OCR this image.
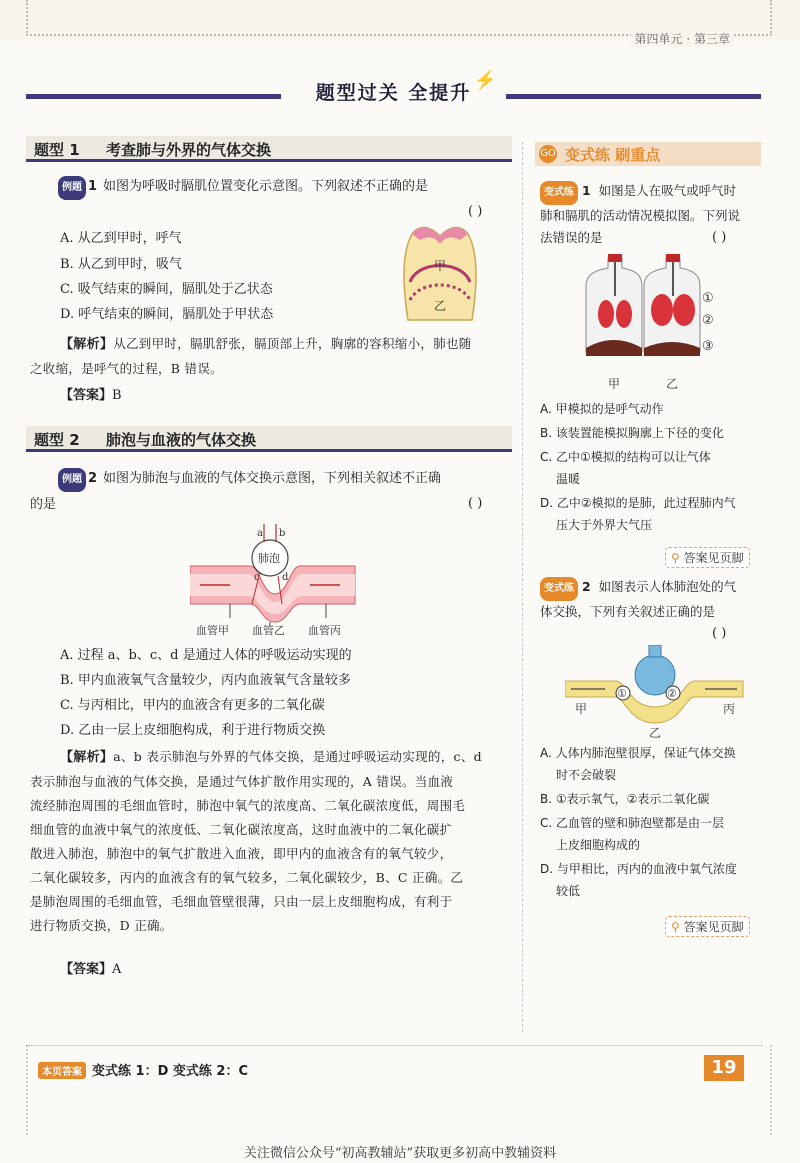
第四单元 · 第三章
题型过关 全提升
⚡
题型 1 考查肺与外界的气体交换
例题 1 如图为呼吸时膈肌位置变化示意图。下列叙述不正确的是
( )
A. 从乙到甲时，呼气
B. 从乙到甲时，吸气
C. 吸气结束的瞬间，膈肌处于乙状态
D. 呼气结束的瞬间，膈肌处于甲状态
甲
乙
【解析】从乙到甲时，膈肌舒张，膈顶部上升，胸廓的容积缩小，肺也随
之收缩，是呼气的过程，B 错误。
【答案】B
题型 2 肺泡与血液的气体交换
例题 2 如图为肺泡与血液的气体交换示意图，下列相关叙述不正确
的是	( )
肺泡
a b
c d
血管甲 血管乙 血管丙
A. 过程 a、b、c、d 是通过人体的呼吸运动实现的
B. 甲内血液氧气含量较少，丙内血液氧气含量较多
C. 与丙相比，甲内的血液含有更多的二氧化碳
D. 乙由一层上皮细胞构成，利于进行物质交换
【解析】a、b 表示肺泡与外界的气体交换，是通过呼吸运动实现的，c、d
表示肺泡与血液的气体交换，是通过气体扩散作用实现的，A 错误。当血液
流经肺泡周围的毛细血管时，肺泡中氧气的浓度高、二氧化碳浓度低，周围毛
细血管的血液中氧气的浓度低、二氧化碳浓度高，这时血液中的二氧化碳扩
散进入肺泡，肺泡中的氧气扩散进入血液，即甲内的血液含有的氧气较少，
二氧化碳较多，丙内的血液含有的氧气较多，二氧化碳较少，B、C 正确。乙
是肺泡周围的毛细血管，毛细血管壁很薄，只由一层上皮细胞构成，有利于
进行物质交换，D 正确。
【答案】A
GO 变式练 刷重点
变式练 1 如图是人在吸气或呼气时
肺和膈肌的活动情况模拟图。下列说
法错误的是	( )
①
②
③
甲	乙
A. 甲模拟的是呼气动作
B. 该装置能模拟胸廓上下径的变化
C. 乙中①模拟的结构可以让气体
温暖
D. 乙中②模拟的是肺，此过程肺内气
压大于外界大气压
⚲ 答案见页脚
变式练 2 如图表示人体肺泡处的气
体交换，下列有关叙述正确的是
( )
①	②
甲
乙
丙
A. 人体内肺泡壁很厚，保证气体交换
时不会破裂
B. ①表示氧气，②表示二氧化碳
C. 乙血管的壁和肺泡壁都是由一层
上皮细胞构成的
D. 与甲相比，丙内的血液中氧气浓度
较低
⚲ 答案见页脚
本页答案 变式练 1：D 变式练 2：C	19
关注微信公众号“初高教辅站”获取更多初高中教辅资料
